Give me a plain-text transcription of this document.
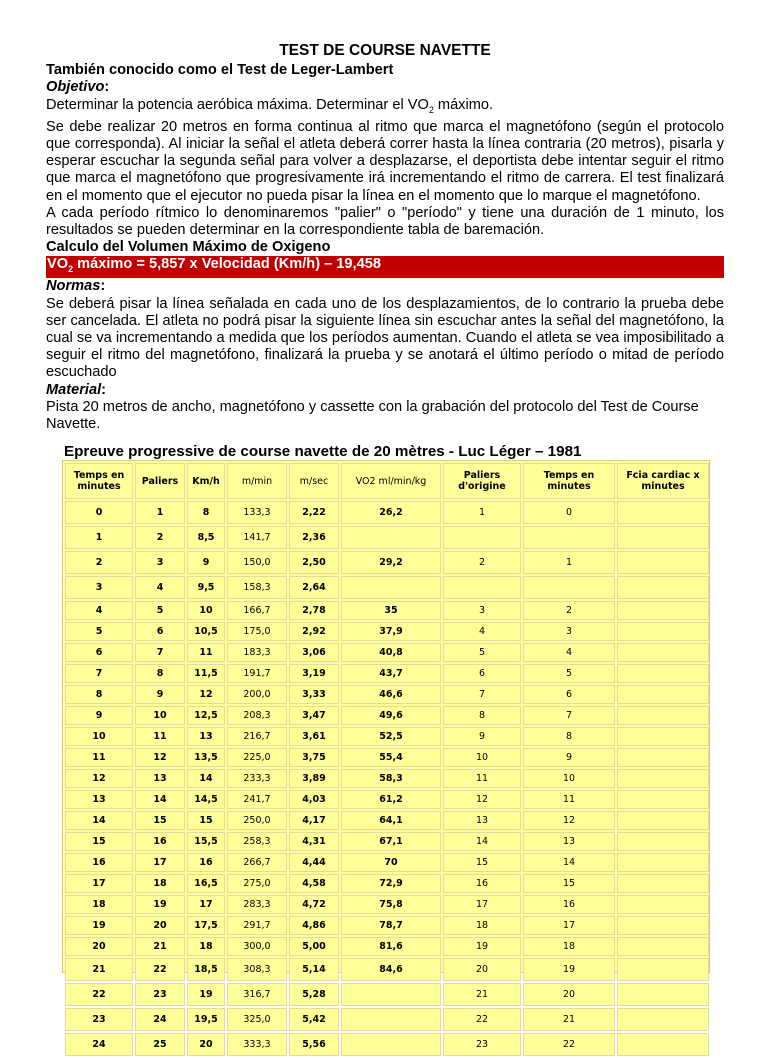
TEST DE COURSE NAVETTE

También conocido como el Test de Leger-Lambert

Objetivo:

Determinar la potencia aeróbica máxima. Determinar el $VO_2$ máximo.

Se debe realizar 20 metros en forma continua al ritmo que marca el magnetófono (según el protocolo que corresponda). Al iniciar la señal el atleta deberá correr hasta la línea contraria (20 metros), pisarla y esperar escuchar la segunda señal para volver a desplazarse, el deportista debe intentar seguir el ritmo que marca el magnetófono que progresivamente irá incrementando el ritmo de carrera. El test finalizará en el momento que el ejecutor no pueda pisar la línea en el momento que lo marque el magnetófono.

A cada período rítmico lo denominaremos "palier" o "período" y tiene una duración de 1 minuto, los resultados se pueden determinar en la correspondiente tabla de baremación.

Calculo del Volumen Máximo de Oxigeno

$VO_2$ máximo = 5,857 x Velocidad (Km/h) – 19,458

Normas:

Se deberá pisar la línea señalada en cada uno de los desplazamientos, de lo contrario la prueba debe ser cancelada. El atleta no podrá pisar la siguiente línea sin escuchar antes la señal del magnetófono, la cual se va incrementando a medida que los períodos aumentan. Cuando el atleta se vea imposibilitado a seguir el ritmo del magnetófono, finalizará la prueba y se anotará el último período o mitad de período escuchado

Material:

Pista 20 metros de ancho, magnetófono y cassette con la grabación del protocolo del Test de Course Navette.

Epreuve progressive de course navette de 20 mètres - Luc Léger – 1981
Temps en minutes	Paliers	Km/h	m/min	m/sec	VO2 ml/min/kg	Paliers d'origine	Temps en minutes	Fcia cardiac x minutes
0	1	8	133,3	2,22	26,2	1	0	
1	2	8,5	141,7	2,36				
2	3	9	150,0	2,50	29,2	2	1	
3	4	9,5	158,3	2,64				
4	5	10	166,7	2,78	35	3	2	
5	6	10,5	175,0	2,92	37,9	4	3	
6	7	11	183,3	3,06	40,8	5	4	
7	8	11,5	191,7	3,19	43,7	6	5	
8	9	12	200,0	3,33	46,6	7	6	
9	10	12,5	208,3	3,47	49,6	8	7	
10	11	13	216,7	3,61	52,5	9	8	
11	12	13,5	225,0	3,75	55,4	10	9	
12	13	14	233,3	3,89	58,3	11	10	
13	14	14,5	241,7	4,03	61,2	12	11	
14	15	15	250,0	4,17	64,1	13	12	
15	16	15,5	258,3	4,31	67,1	14	13	
16	17	16	266,7	4,44	70	15	14	
17	18	16,5	275,0	4,58	72,9	16	15	
18	19	17	283,3	4,72	75,8	17	16	
19	20	17,5	291,7	4,86	78,7	18	17	
20	21	18	300,0	5,00	81,6	19	18	
21	22	18,5	308,3	5,14	84,6	20	19	
22	23	19	316,7	5,28		21	20	
23	24	19,5	325,0	5,42		22	21	
24	25	20	333,3	5,56		23	22	
